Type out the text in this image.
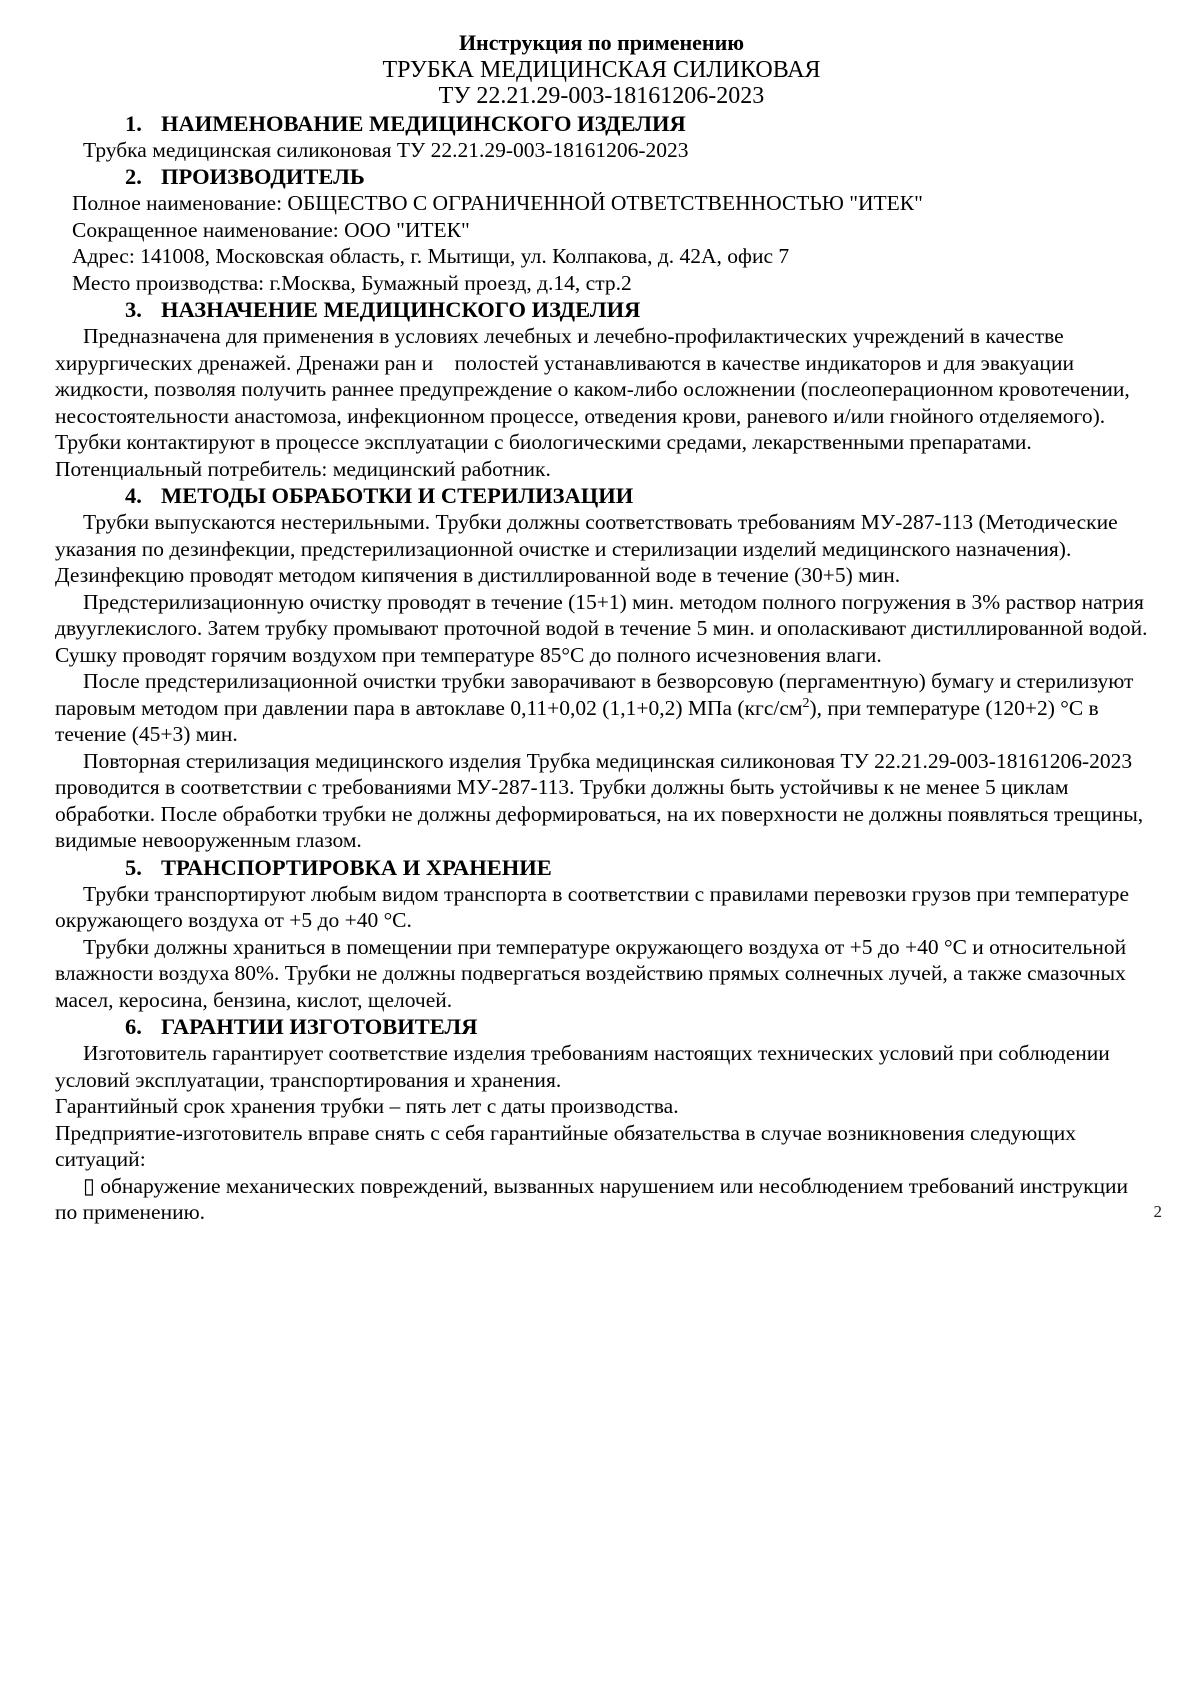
Инструкция по применению

ТРУБКА МЕДИЦИНСКАЯ СИЛИКОВАЯ

ТУ 22.21.29-003-18161206-2023

1. НАИМЕНОВАНИЕ МЕДИЦИНСКОГО ИЗДЕЛИЯ

Трубка медицинская силиконовая ТУ 22.21.29-003-18161206-2023

2. ПРОИЗВОДИТЕЛЬ

Полное наименование: ОБЩЕСТВО С ОГРАНИЧЕННОЙ ОТВЕТСТВЕННОСТЬЮ "ИТЕК"

Сокращенное наименование: ООО "ИТЕК"

Адрес: 141008, Московская область, г. Мытищи, ул. Колпакова, д. 42А, офис 7

Место производства: г.Москва, Бумажный проезд, д.14, стр.2

3. НАЗНАЧЕНИЕ МЕДИЦИНСКОГО ИЗДЕЛИЯ

Предназначена для применения в условиях лечебных и лечебно-профилактических учреждений в качестве хирургических дренажей. Дренажи ран и    полостей устанавливаются в качестве индикаторов и для эвакуации жидкости, позволяя получить раннее предупреждение о каком-либо осложнении (послеоперационном кровотечении, несостоятельности анастомоза, инфекционном процессе, отведения крови, раневого и/или гнойного отделяемого). Трубки контактируют в процессе эксплуатации с биологическими средами, лекарственными препаратами. Потенциальный потребитель: медицинский работник.

4. МЕТОДЫ ОБРАБОТКИ И СТЕРИЛИЗАЦИИ

Трубки выпускаются нестерильными. Трубки должны соответствовать требованиям МУ-287-113 (Методические указания по дезинфекции, предстерилизационной очистке и стерилизации изделий медицинского назначения).

Дезинфекцию проводят методом кипячения в дистиллированной воде в течение (30+5) мин.

Предстерилизационную очистку проводят в течение (15+1) мин. методом полного погружения в 3% раствор натрия двууглекислого. Затем трубку промывают проточной водой в течение 5 мин. и ополаскивают дистиллированной водой. Сушку проводят горячим воздухом при температуре 85°С до полного исчезновения влаги.

После предстерилизационной очистки трубки заворачивают в безворсовую (пергаментную) бумагу и стерилизуют паровым методом при давлении пара в автоклаве 0,11+0,02 (1,1+0,2) МПа $(кгс/см^2)$, при температуре (120+2) °С в течение (45+3) мин.

Повторная стерилизация медицинского изделия Трубка медицинская силиконовая ТУ 22.21.29-003-18161206-2023 проводится в соответствии с требованиями МУ-287-113. Трубки должны быть устойчивы к не менее 5 циклам обработки. После обработки трубки не должны деформироваться, на их поверхности не должны появляться трещины, видимые невооруженным глазом.

5. ТРАНСПОРТИРОВКА И ХРАНЕНИЕ

Трубки транспортируют любым видом транспорта в соответствии с правилами перевозки грузов при температуре окружающего воздуха от +5 до +40 °С.

Трубки должны храниться в помещении при температуре окружающего воздуха от +5 до +40 °С и относительной влажности воздуха 80%. Трубки не должны подвергаться воздействию прямых солнечных лучей, а также смазочных масел, керосина, бензина, кислот, щелочей.

6. ГАРАНТИИ ИЗГОТОВИТЕЛЯ

Изготовитель гарантирует соответствие изделия требованиям настоящих технических условий при соблюдении условий эксплуатации, транспортирования и хранения.

Гарантийный срок хранения трубки – пять лет с даты производства.

Предприятие-изготовитель вправе снять с себя гарантийные обязательства в случае возникновения следующих ситуаций:

▯ обнаружение механических повреждений, вызванных нарушением или несоблюдением требований инструкции по применению.	2
